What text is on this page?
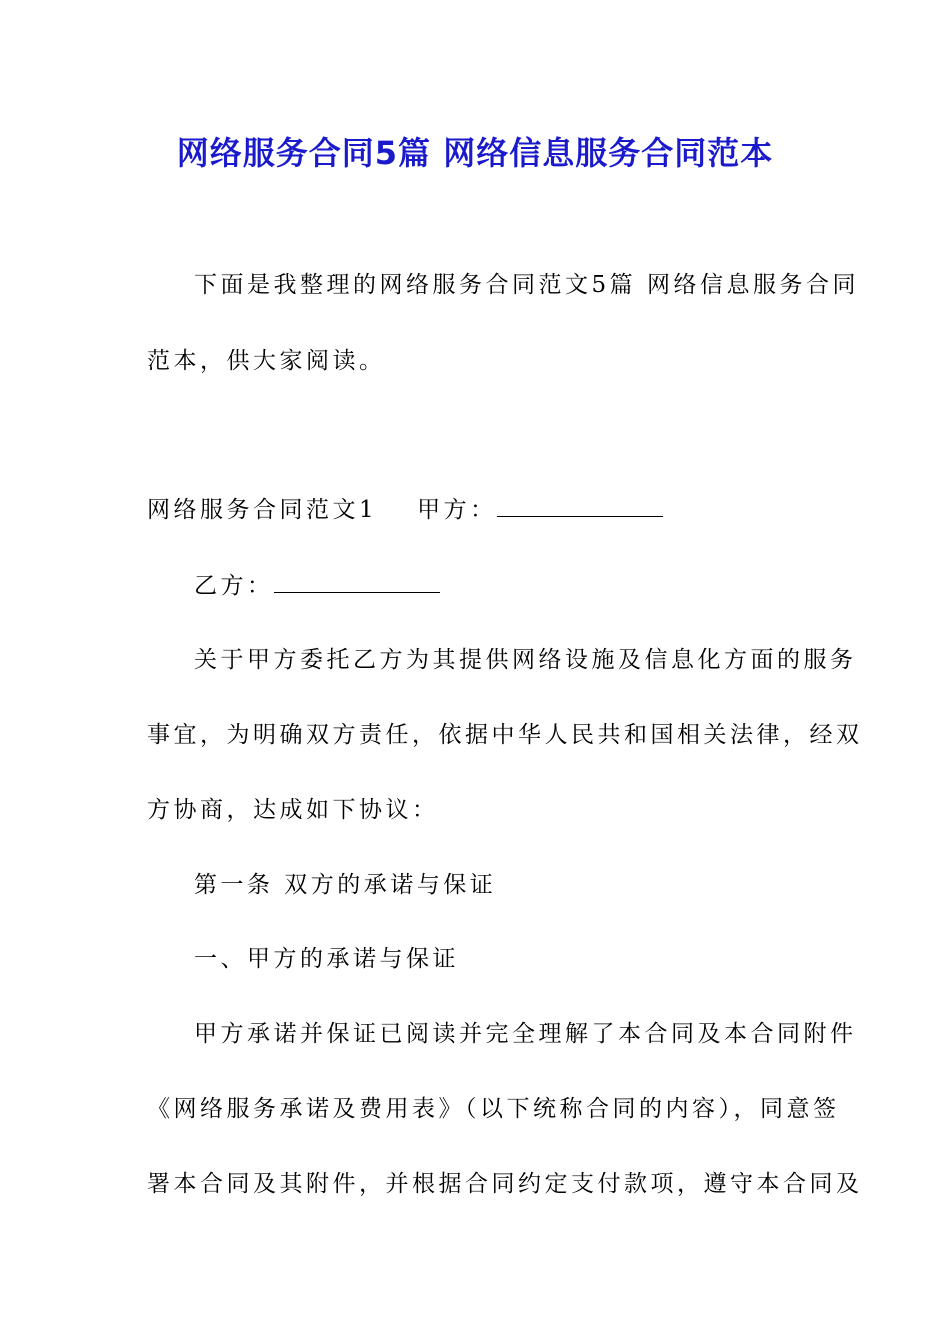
网络服务合同5篇 网络信息服务合同范本
下面是我整理的网络服务合同范文5篇 网络信息服务合同
范本，供大家阅读。
网络服务合同范文1 甲方：
乙方：
关于甲方委托乙方为其提供网络设施及信息化方面的服务
事宜，为明确双方责任，依据中华人民共和国相关法律，经双
方协商，达成如下协议：
第一条 双方的承诺与保证
一、甲方的承诺与保证
甲方承诺并保证已阅读并完全理解了本合同及本合同附件
《网络服务承诺及费用表》（以下统称合同的内容），同意签
署本合同及其附件，并根据合同约定支付款项，遵守本合同及
